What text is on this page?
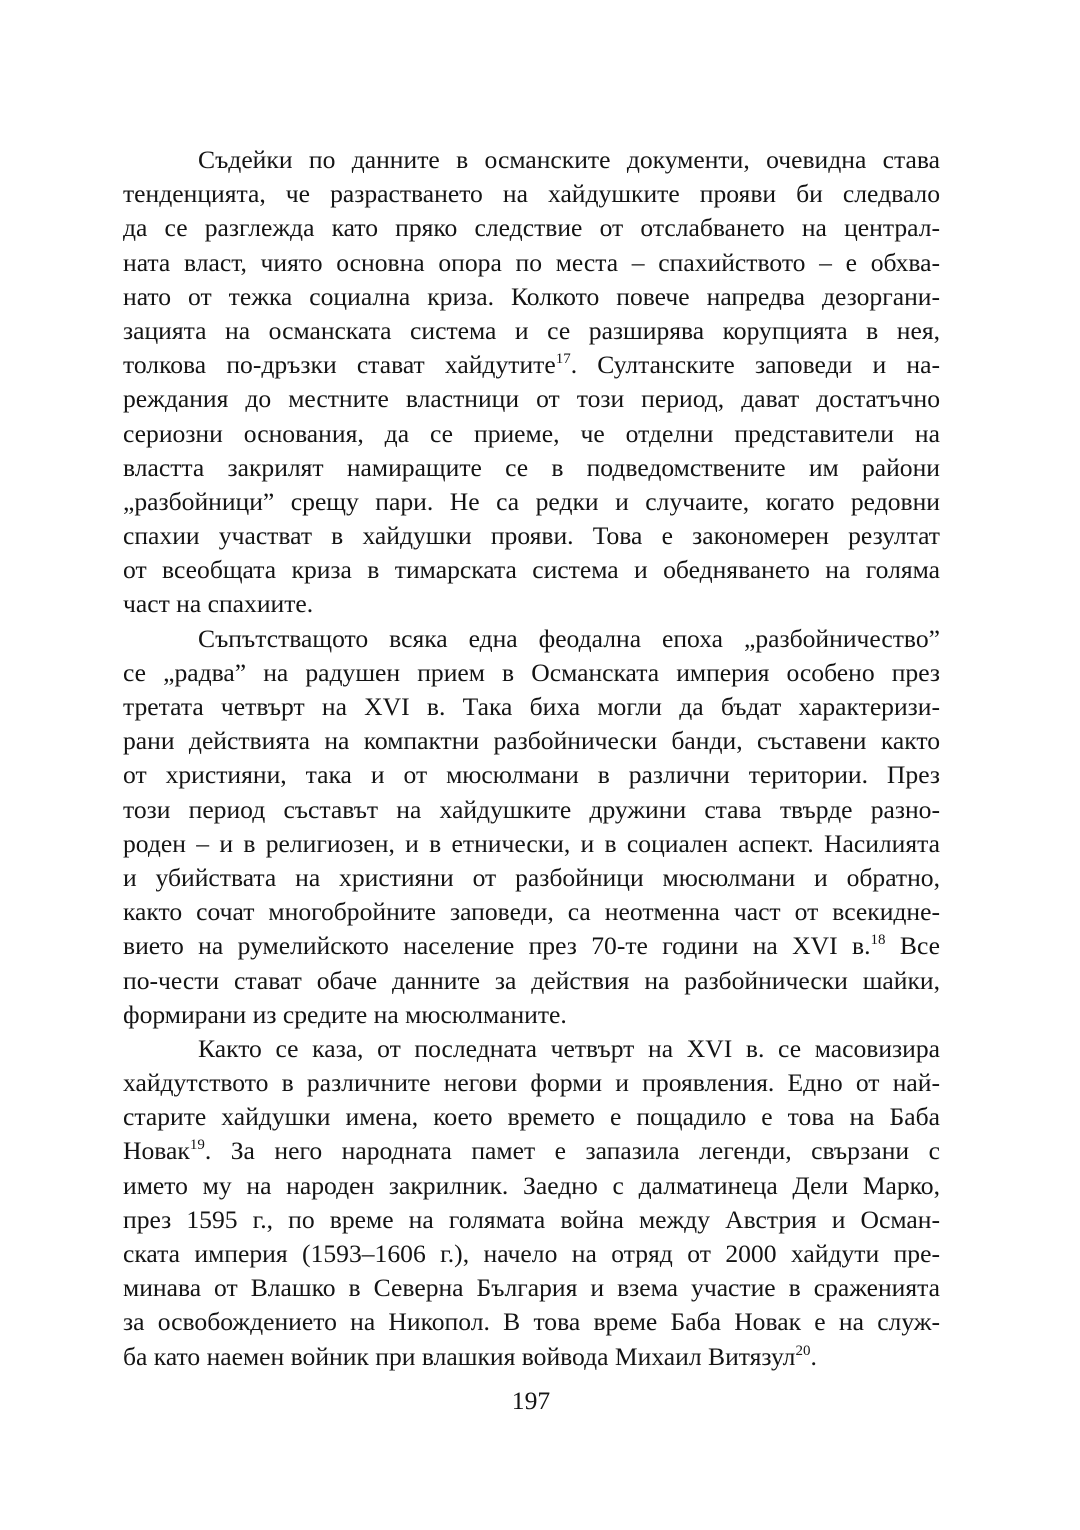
Съдейки по данните в османските документи, очевидна става
тенденцията, че разрастването на хайдушките прояви би следвало
да се разглежда като пряко следствие от отслабването на централ-
ната власт, чиято основна опора по места – спахийството – е обхва-
нато от тежка социална криза. Колкото повече напредва дезоргани-
зацията на османската система и се разширява корупцията в нея,
толкова по-дръзки стават хайдутите$^{17}$. Султанските заповеди и на-
реждания до местните властници от този период, дават достатъчно
сериозни основания, да се приеме, че отделни представители на
властта закрилят намиращите се в подведомствените им райони
„разбойници” срещу пари. Не са редки и случаите, когато редовни
спахии участват в хайдушки прояви. Това е закономерен резултат
от всеобщата криза в тимарската система и обедняването на голяма
част на спахиите.
Съпътстващото всяка една феодална епоха „разбойничество”
се „радва” на радушен прием в Османската империя особено през
третата четвърт на XVI в. Така биха могли да бъдат характеризи-
рани действията на компактни разбойнически банди, съставени както
от християни, така и от мюсюлмани в различни територии. През
този период съставът на хайдушките дружини става твърде разно-
роден – и в религиозен, и в етнически, и в социален аспект. Насилията
и убийствата на християни от разбойници мюсюлмани и обратно,
както сочат многобройните заповеди, са неотменна част от всекидне-
вието на румелийското население през 70-те години на XVI в.$^{18}$ Все
по-чести стават обаче данните за действия на разбойнически шайки,
формирани из средите на мюсюлманите.
Както се каза, от последната четвърт на XVI в. се масовизира
хайдутството в различните негови форми и проявления. Едно от най-
старите хайдушки имена, което времето е пощадило е това на Баба
Новак$^{19}$. За него народната памет е запазила легенди, свързани с
името му на народен закрилник. Заедно с далматинеца Дели Марко,
през 1595 г., по време на голямата война между Австрия и Осман-
ската империя (1593–1606 г.), начело на отряд от 2000 хайдути пре-
минава от Влашко в Северна България и взема участие в сраженията
за освобождението на Никопол. В това време Баба Новак е на служ-
ба като наемен войник при влашкия войвода Михаил Витязул$^{20}$.
197
